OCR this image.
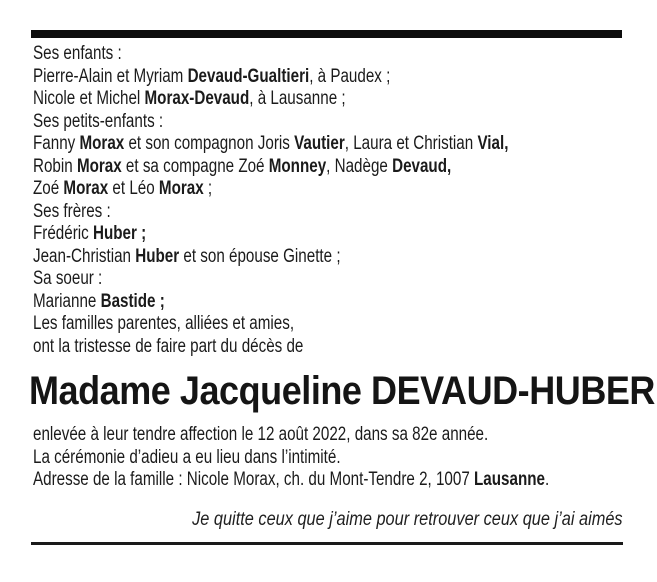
Ses enfants :
Pierre-Alain et Myriam Devaud-Gualtieri, à Paudex ;
Nicole et Michel Morax-Devaud, à Lausanne ;
Ses petits-enfants :
Fanny Morax et son compagnon Joris Vautier, Laura et Christian Vial,
Robin Morax et sa compagne Zoé Monney, Nadège Devaud,
Zoé Morax et Léo Morax ;
Ses frères :
Frédéric Huber ;
Jean-Christian Huber et son épouse Ginette ;
Sa soeur :
Marianne Bastide ;
Les familles parentes, alliées et amies,
ont la tristesse de faire part du décès de
Madame Jacqueline DEVAUD-HUBER
enlevée à leur tendre affection le 12 août 2022, dans sa 82e année.
La cérémonie d’adieu a eu lieu dans l’intimité.
Adresse de la famille : Nicole Morax, ch. du Mont-Tendre 2, 1007 Lausanne.
Je quitte ceux que j’aime pour retrouver ceux que j’ai aimés
